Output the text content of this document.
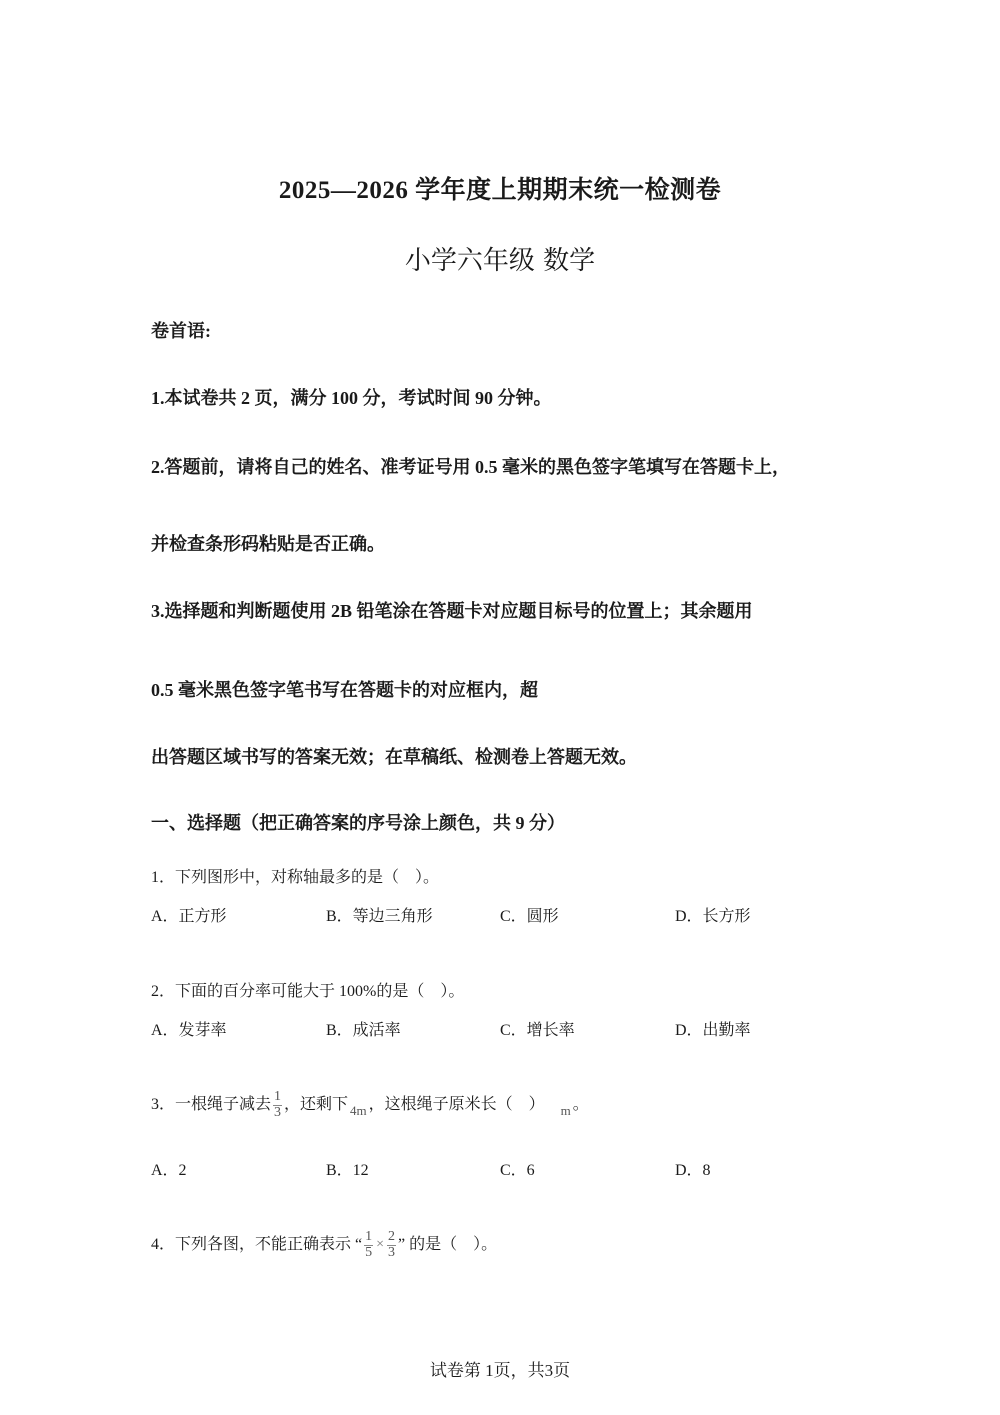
2025—2026 学年度上期期末统一检测卷
小学六年级 数学
卷首语:
1.本试卷共 2 页，满分 100 分，考试时间 90 分钟。
2.答题前，请将自己的姓名、准考证号用 0.5 毫米的黑色签字笔填写在答题卡上，
并检查条形码粘贴是否正确。
3.选择题和判断题使用 2B 铅笔涂在答题卡对应题目标号的位置上；其余题用
0.5 毫米黑色签字笔书写在答题卡的对应框内，超
出答题区域书写的答案无效；在草稿纸、检测卷上答题无效。
一、选择题（把正确答案的序号涂上颜色，共 9 分）
1．下列图形中，对称轴最多的是（　）。
A．正方形	B．等边三角形	C．圆形	D．长方形
2．下面的百分率可能大于 100%的是（　）。
A．发芽率	B．成活率	C．增长率	D．出勤率
3．一根绳子减去 $\frac{1}{3}$ ，还剩下 $_{4m}$ ，这根绳子原米长（　） $_m$ 。
A．2	B．12	C．6	D．8
4．下列各图，不能正确表示 “ $\frac{1}{5} \times \frac{2}{3}$ ” 的是（　）。
试卷第 1页，共3页
